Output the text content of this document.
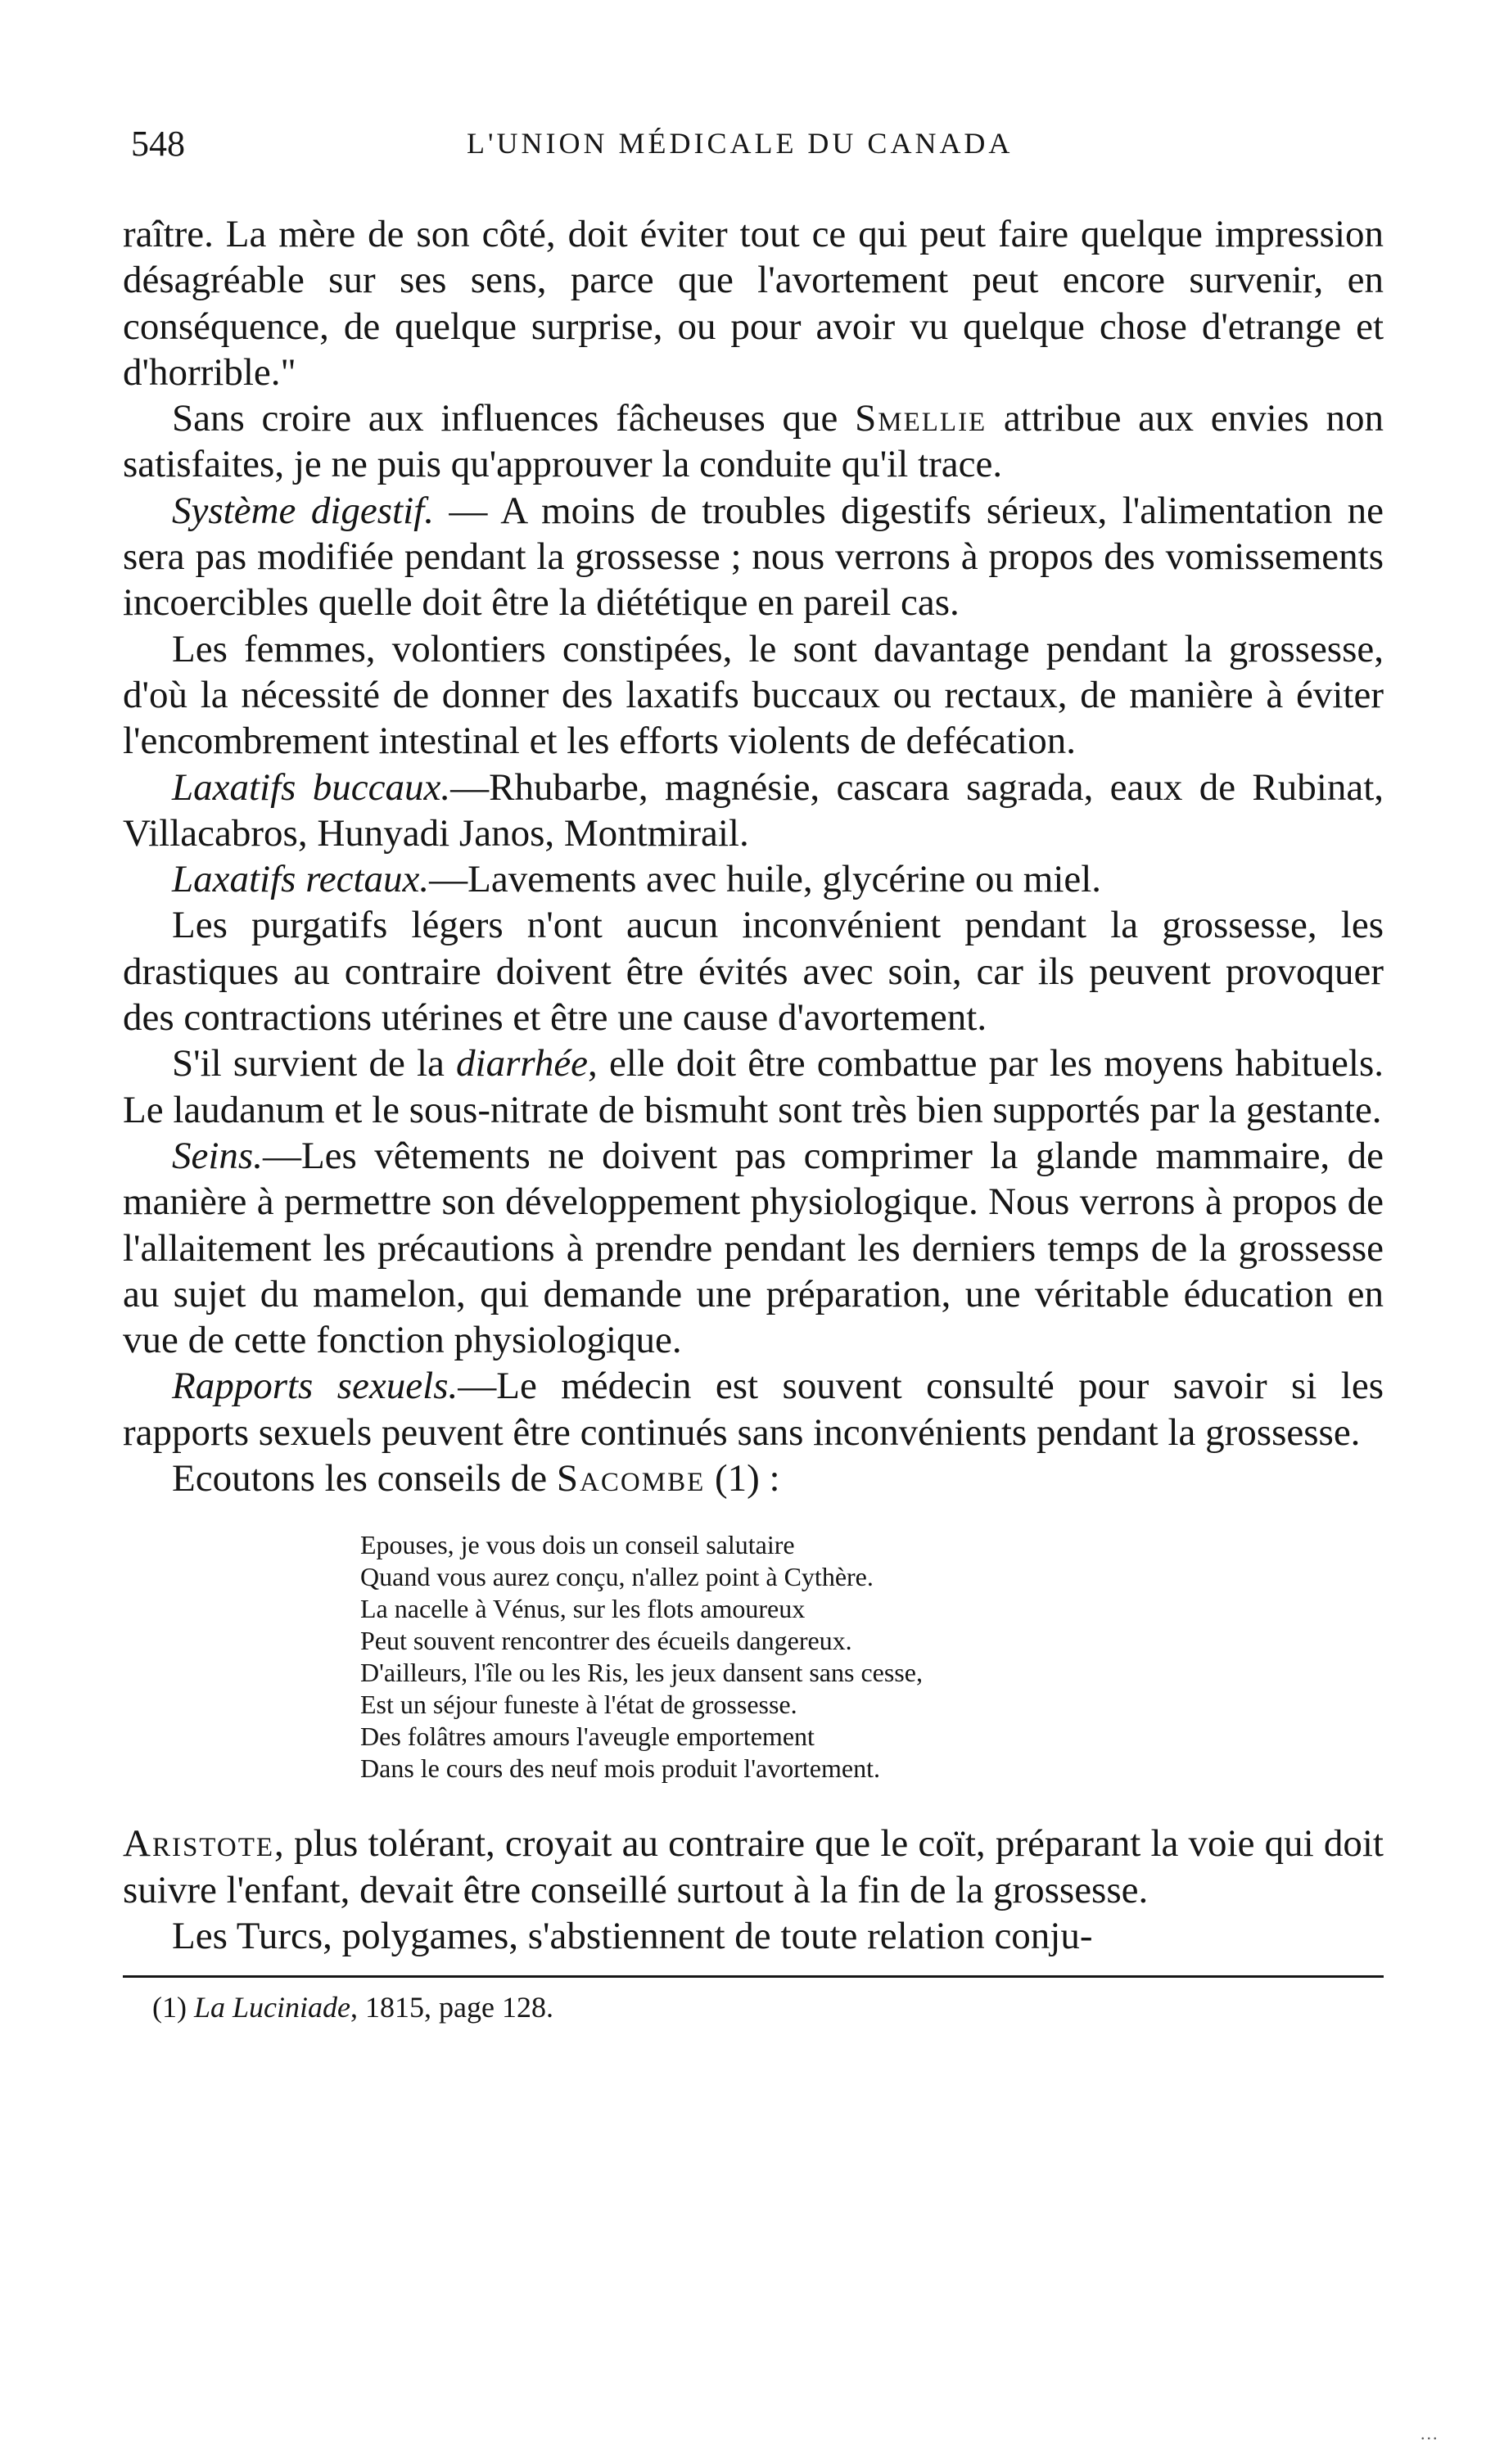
548	L'UNION MÉDICALE DU CANADA

raître. La mère de son côté, doit éviter tout ce qui peut faire quelque impression désagréable sur ses sens, parce que l'avortement peut encore survenir, en conséquence, de quelque surprise, ou pour avoir vu quelque chose d'etrange et d'horrible."

Sans croire aux influences fâcheuses que Smellie attribue aux envies non satisfaites, je ne puis qu'approuver la conduite qu'il trace.

Système digestif. — A moins de troubles digestifs sérieux, l'alimentation ne sera pas modifiée pendant la grossesse ; nous verrons à propos des vomissements incoercibles quelle doit être la diététique en pareil cas.

Les femmes, volontiers constipées, le sont davantage pendant la grossesse, d'où la nécessité de donner des laxatifs buccaux ou rectaux, de manière à éviter l'encombrement intestinal et les efforts violents de defécation.

Laxatifs buccaux.—Rhubarbe, magnésie, cascara sagrada, eaux de Rubinat, Villacabros, Hunyadi Janos, Montmirail.

Laxatifs rectaux.—Lavements avec huile, glycérine ou miel.

Les purgatifs légers n'ont aucun inconvénient pendant la grossesse, les drastiques au contraire doivent être évités avec soin, car ils peuvent provoquer des contractions utérines et être une cause d'avortement.

S'il survient de la diarrhée, elle doit être combattue par les moyens habituels. Le laudanum et le sous-nitrate de bismuht sont très bien supportés par la gestante.

Seins.—Les vêtements ne doivent pas comprimer la glande mammaire, de manière à permettre son développement physiologique. Nous verrons à propos de l'allaitement les précautions à prendre pendant les derniers temps de la grossesse au sujet du mamelon, qui demande une préparation, une véritable éducation en vue de cette fonction physiologique.

Rapports sexuels.—Le médecin est souvent consulté pour savoir si les rapports sexuels peuvent être continués sans inconvénients pendant la grossesse.

Ecoutons les conseils de Sacombe (1) :

Epouses, je vous dois un conseil salutaire
Quand vous aurez conçu, n'allez point à Cythère.
La nacelle à Vénus, sur les flots amoureux
Peut souvent rencontrer des écueils dangereux.
D'ailleurs, l'île ou les Ris, les jeux dansent sans cesse,
Est un séjour funeste à l'état de grossesse.
Des folâtres amours l'aveugle emportement
Dans le cours des neuf mois produit l'avortement.

Aristote, plus tolérant, croyait au contraire que le coït, préparant la voie qui doit suivre l'enfant, devait être conseillé surtout à la fin de la grossesse.

Les Turcs, polygames, s'abstiennent de toute relation conju-

(1) La Luciniade, 1815, page 128.
...
